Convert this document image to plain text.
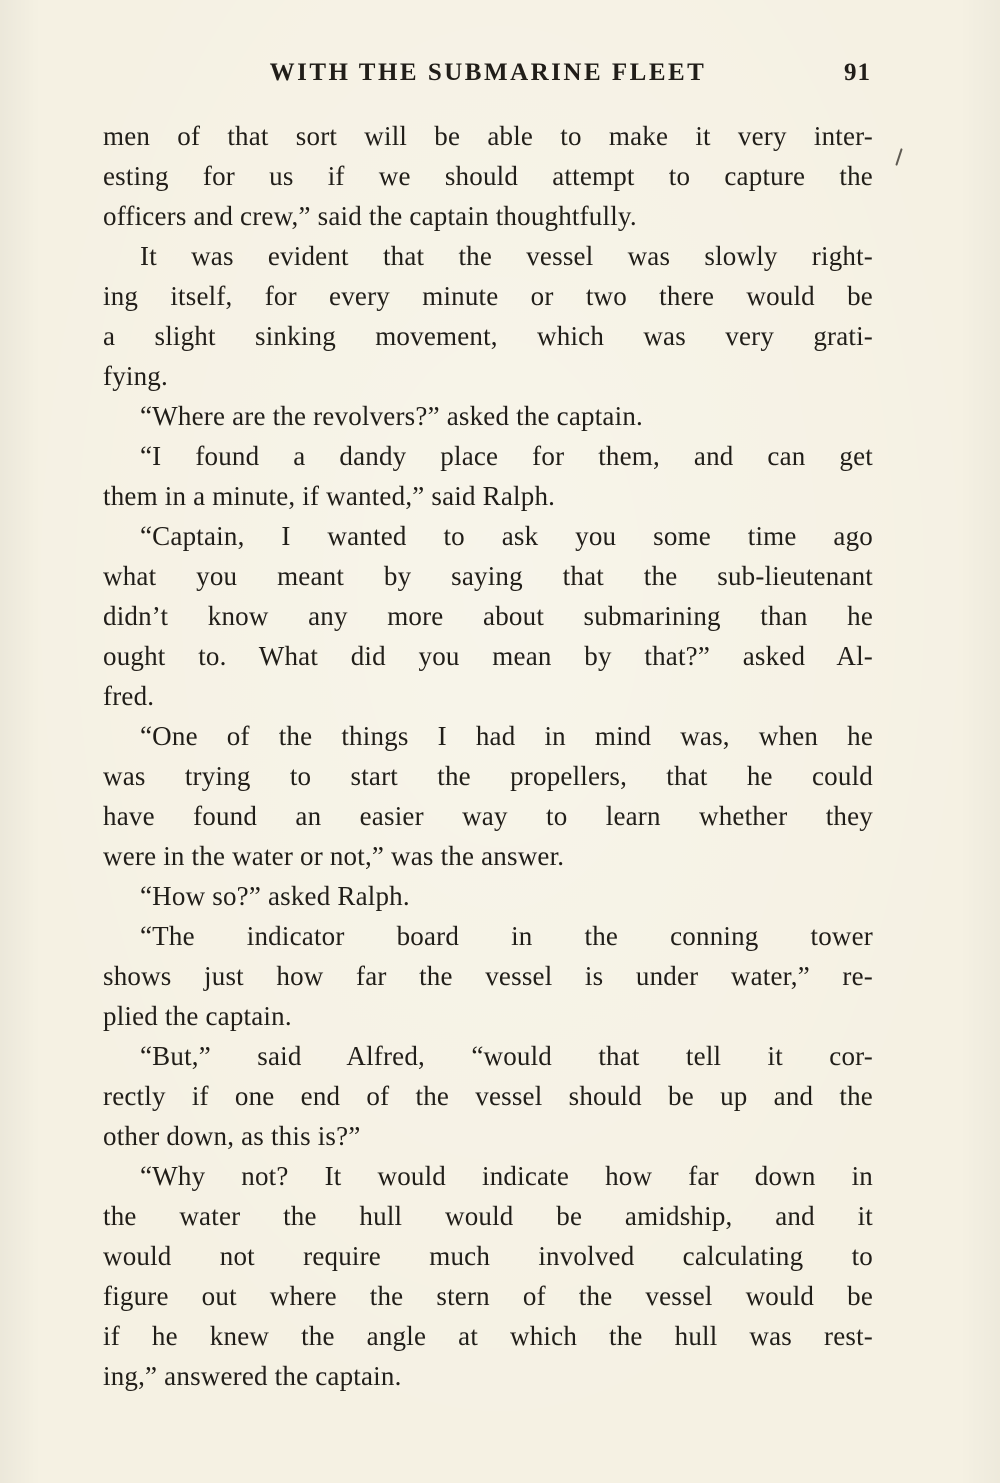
WITH THE SUBMARINE FLEET	91
men of that sort will be able to make it very inter-
esting for us if we should attempt to capture the
officers and crew,” said the captain thoughtfully.
It was evident that the vessel was slowly right-
ing itself, for every minute or two there would be
a slight sinking movement, which was very grati-
fying.
“Where are the revolvers?” asked the captain.
“I found a dandy place for them, and can get
them in a minute, if wanted,” said Ralph.
“Captain, I wanted to ask you some time ago
what you meant by saying that the sub-lieutenant
didn’t know any more about submarining than he
ought to. What did you mean by that?” asked Al-
fred.
“One of the things I had in mind was, when he
was trying to start the propellers, that he could
have found an easier way to learn whether they
were in the water or not,” was the answer.
“How so?” asked Ralph.
“The indicator board in the conning tower
shows just how far the vessel is under water,” re-
plied the captain.
“But,” said Alfred, “would that tell it cor-
rectly if one end of the vessel should be up and the
other down, as this is?”
“Why not? It would indicate how far down in
the water the hull would be amidship, and it
would not require much involved calculating to
figure out where the stern of the vessel would be
if he knew the angle at which the hull was rest-
ing,” answered the captain.
